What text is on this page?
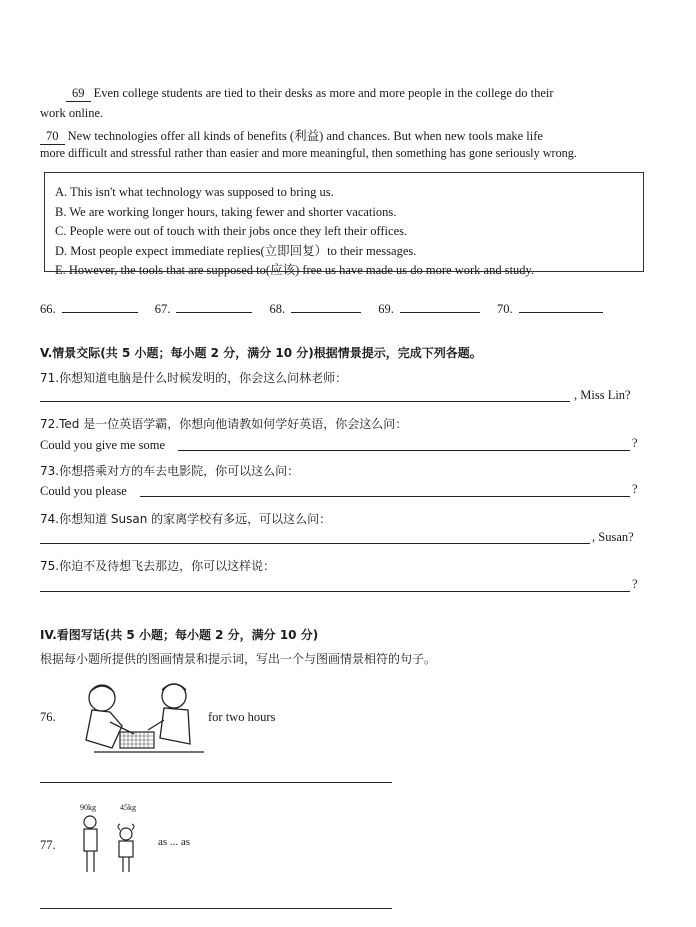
69 Even college students are tied to their desks as more and more people in the college do their
work online.
70 New technologies offer all kinds of benefits (利益) and chances. But when new tools make life
more difficult and stressful rather than easier and more meaningful, then something has gone seriously wrong.
A. This isn't what technology was supposed to bring us.
B. We are working longer hours, taking fewer and shorter vacations.
C. People were out of touch with their jobs once they left their offices.
D. Most people expect immediate replies(立即回复）to their messages.
E. However, the tools that are supposed to(应该) free us have made us do more work and study.
66.	67.	68.	69.	70.
V.情景交际(共 5 小题；每小题 2 分，满分 10 分)根据情景提示，完成下列各题。
71.你想知道电脑是什么时候发明的，你会这么问林老师：
, Miss Lin?
72.Ted 是一位英语学霸，你想向他请教如何学好英语，你会这么问：
Could you give me some	?
73.你想搭乘对方的车去电影院，你可以这么问：
Could you please	?
74.你想知道 Susan 的家离学校有多远，可以这么问：
, Susan?
75.你迫不及待想飞去那边，你可以这样说：
?
IV.看图写话(共 5 小题；每小题 2 分，满分 10 分)
根据每小题所提供的图画情景和提示词，写出一个与图画情景相符的句子。
76.	for two hours
90kg	45kg
77.	as ... as
